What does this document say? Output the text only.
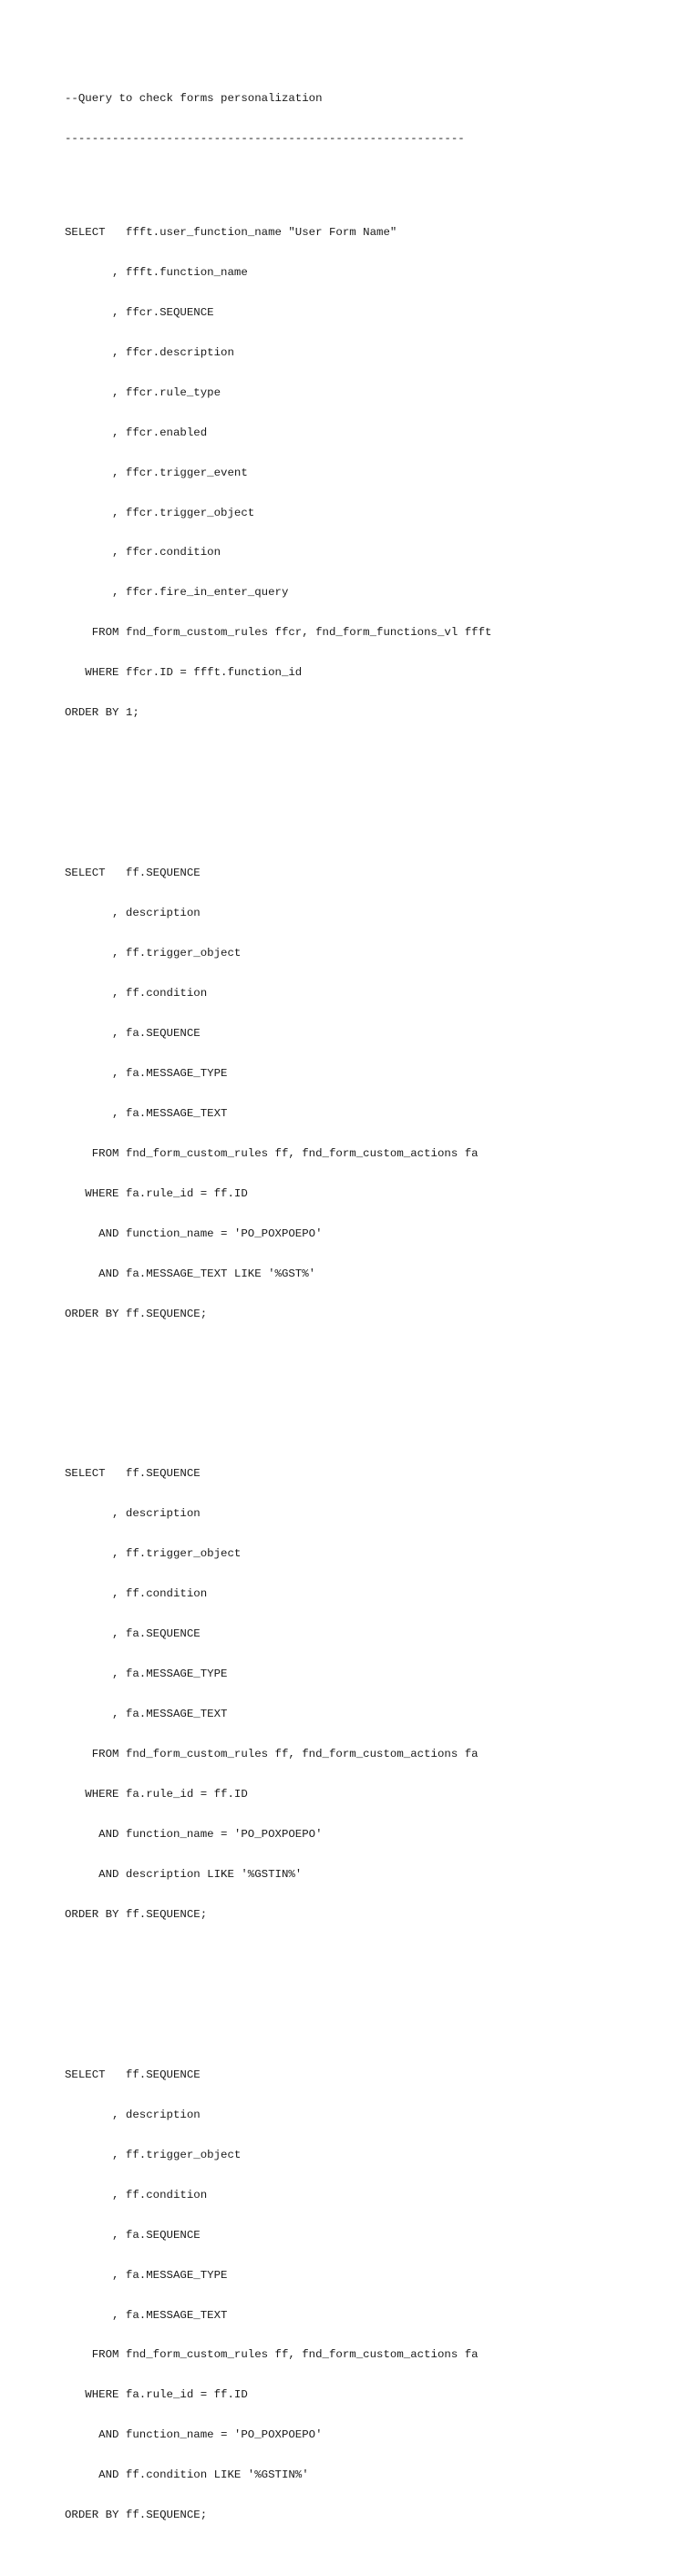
--Query to check forms personalization

-----------------------------------------------------------

SELECT   ffft.user_function_name "User Form Name"

, ffft.function_name

, ffcr.SEQUENCE

, ffcr.description

, ffcr.rule_type

, ffcr.enabled

, ffcr.trigger_event

, ffcr.trigger_object

, ffcr.condition

, ffcr.fire_in_enter_query

FROM fnd_form_custom_rules ffcr, fnd_form_functions_vl ffft

WHERE ffcr.ID = ffft.function_id

ORDER BY 1;

SELECT   ff.SEQUENCE

, description

, ff.trigger_object

, ff.condition

, fa.SEQUENCE

, fa.MESSAGE_TYPE

, fa.MESSAGE_TEXT

FROM fnd_form_custom_rules ff, fnd_form_custom_actions fa

WHERE fa.rule_id = ff.ID

AND function_name = 'PO_POXPOEPO'

AND fa.MESSAGE_TEXT LIKE '%GST%'

ORDER BY ff.SEQUENCE;

SELECT   ff.SEQUENCE

, description

, ff.trigger_object

, ff.condition

, fa.SEQUENCE

, fa.MESSAGE_TYPE

, fa.MESSAGE_TEXT

FROM fnd_form_custom_rules ff, fnd_form_custom_actions fa

WHERE fa.rule_id = ff.ID

AND function_name = 'PO_POXPOEPO'

AND description LIKE '%GSTIN%'

ORDER BY ff.SEQUENCE;

SELECT   ff.SEQUENCE

, description

, ff.trigger_object

, ff.condition

, fa.SEQUENCE

, fa.MESSAGE_TYPE

, fa.MESSAGE_TEXT

FROM fnd_form_custom_rules ff, fnd_form_custom_actions fa

WHERE fa.rule_id = ff.ID

AND function_name = 'PO_POXPOEPO'

AND ff.condition LIKE '%GSTIN%'

ORDER BY ff.SEQUENCE;
